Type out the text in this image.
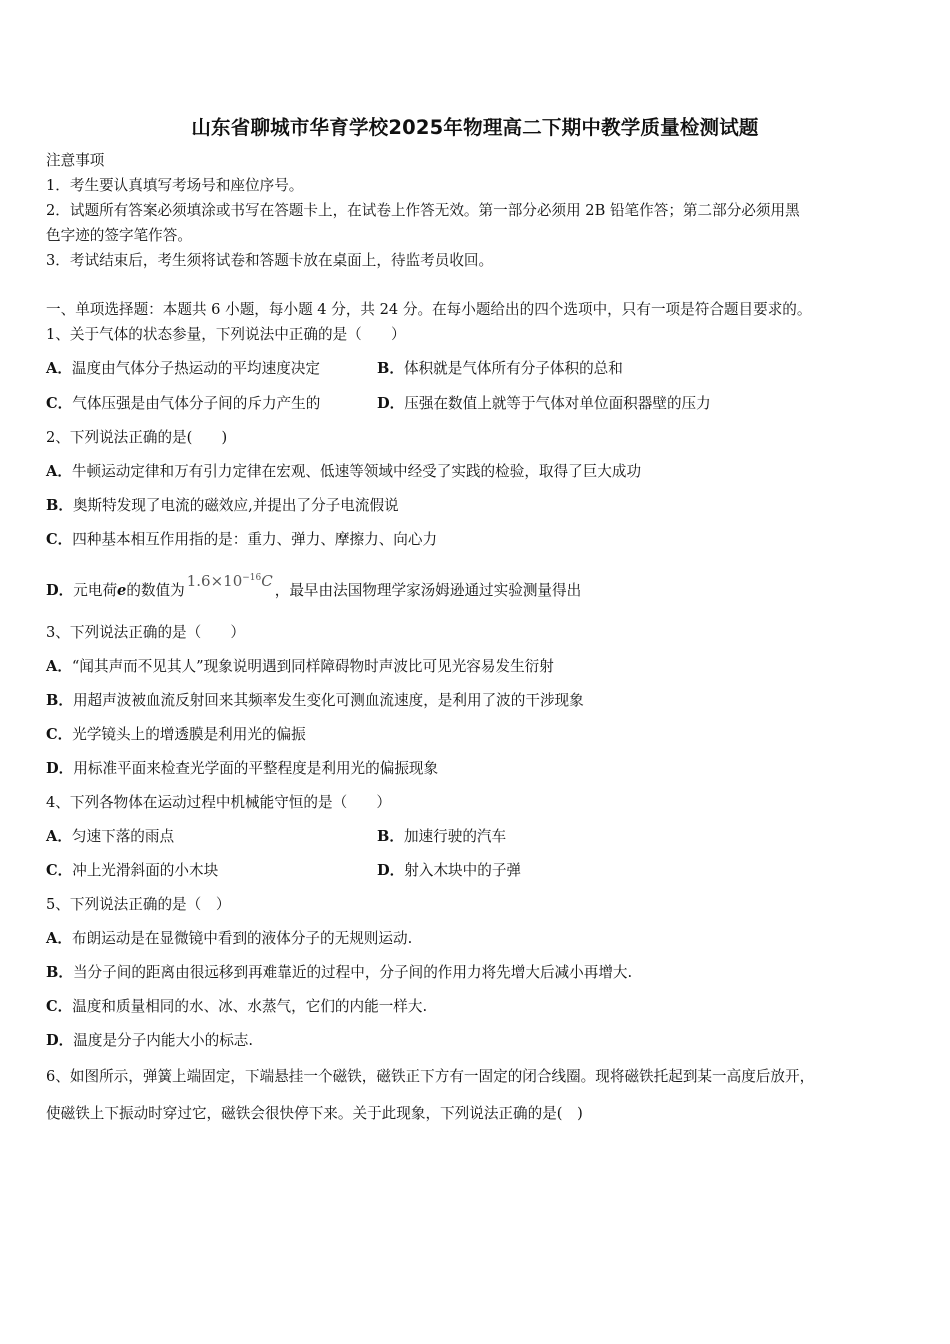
山东省聊城市华育学校2025年物理高二下期中教学质量检测试题
注意事项
1．考生要认真填写考场号和座位序号。
2．试题所有答案必须填涂或书写在答题卡上，在试卷上作答无效。第一部分必须用 2B 铅笔作答；第二部分必须用黑
色字迹的签字笔作答。
3．考试结束后，考生须将试卷和答题卡放在桌面上，待监考员收回。
一、单项选择题：本题共 6 小题，每小题 4 分，共 24 分。在每小题给出的四个选项中，只有一项是符合题目要求的。
1、关于气体的状态参量，下列说法中正确的是（　　）
A．温度由气体分子热运动的平均速度决定	B．体积就是气体所有分子体积的总和
C．气体压强是由气体分子间的斥力产生的	D．压强在数值上就等于气体对单位面积器壁的压力
2、下列说法正确的是(　　)
A．牛顿运动定律和万有引力定律在宏观、低速等领域中经受了实践的检验，取得了巨大成功
B．奥斯特发现了电流的磁效应,并提出了分子电流假说
C．四种基本相互作用指的是：重力、弹力、摩擦力、向心力
D．元电荷e的数值为$1.6\times 10^{-16}C$，最早由法国物理学家汤姆逊通过实验测量得出
3、下列说法正确的是（　　）
A．“闻其声而不见其人”现象说明遇到同样障碍物时声波比可见光容易发生衍射
B．用超声波被血流反射回来其频率发生变化可测血流速度，是利用了波的干涉现象
C．光学镜头上的增透膜是利用光的偏振
D．用标准平面来检查光学面的平整程度是利用光的偏振现象
4、下列各物体在运动过程中机械能守恒的是（　　）
A．匀速下落的雨点	B．加速行驶的汽车
C．冲上光滑斜面的小木块	D．射入木块中的子弹
5、下列说法正确的是（　）
A．布朗运动是在显微镜中看到的液体分子的无规则运动.
B．当分子间的距离由很远移到再难靠近的过程中，分子间的作用力将先增大后减小再增大.
C．温度和质量相同的水、冰、水蒸气，它们的内能一样大.
D．温度是分子内能大小的标志.
6、如图所示，弹簧上端固定，下端悬挂一个磁铁，磁铁正下方有一固定的闭合线圈。现将磁铁托起到某一高度后放开，
使磁铁上下振动时穿过它，磁铁会很快停下来。关于此现象，下列说法正确的是(　)
